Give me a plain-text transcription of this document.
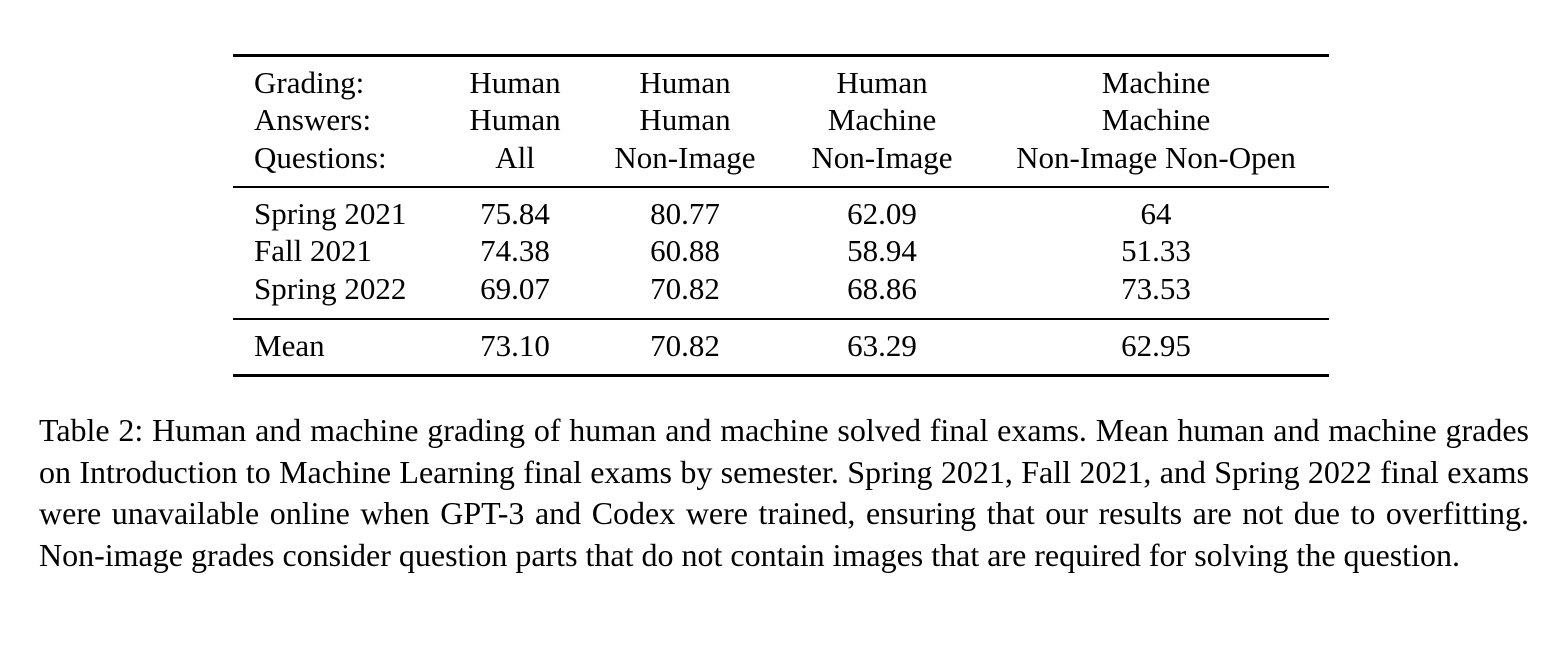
Grading:	Human	Human	Human	Machine
Answers:	Human	Human	Machine	Machine
Questions:	All	Non-Image	Non-Image	Non-Image Non-Open
Spring 2021	75.84	80.77	62.09	64
Fall 2021	74.38	60.88	58.94	51.33
Spring 2022	69.07	70.82	68.86	73.53
Mean	73.10	70.82	63.29	62.95
Table 2: Human and machine grading of human and machine solved final exams. Mean human and machine grades on Introduction to Machine Learning final exams by semester. Spring 2021, Fall 2021, and Spring 2022 final exams were unavailable online when GPT-3 and Codex were trained, ensuring that our results are not due to overfitting. Non-image grades consider question parts that do not contain images that are required for solving the question.
